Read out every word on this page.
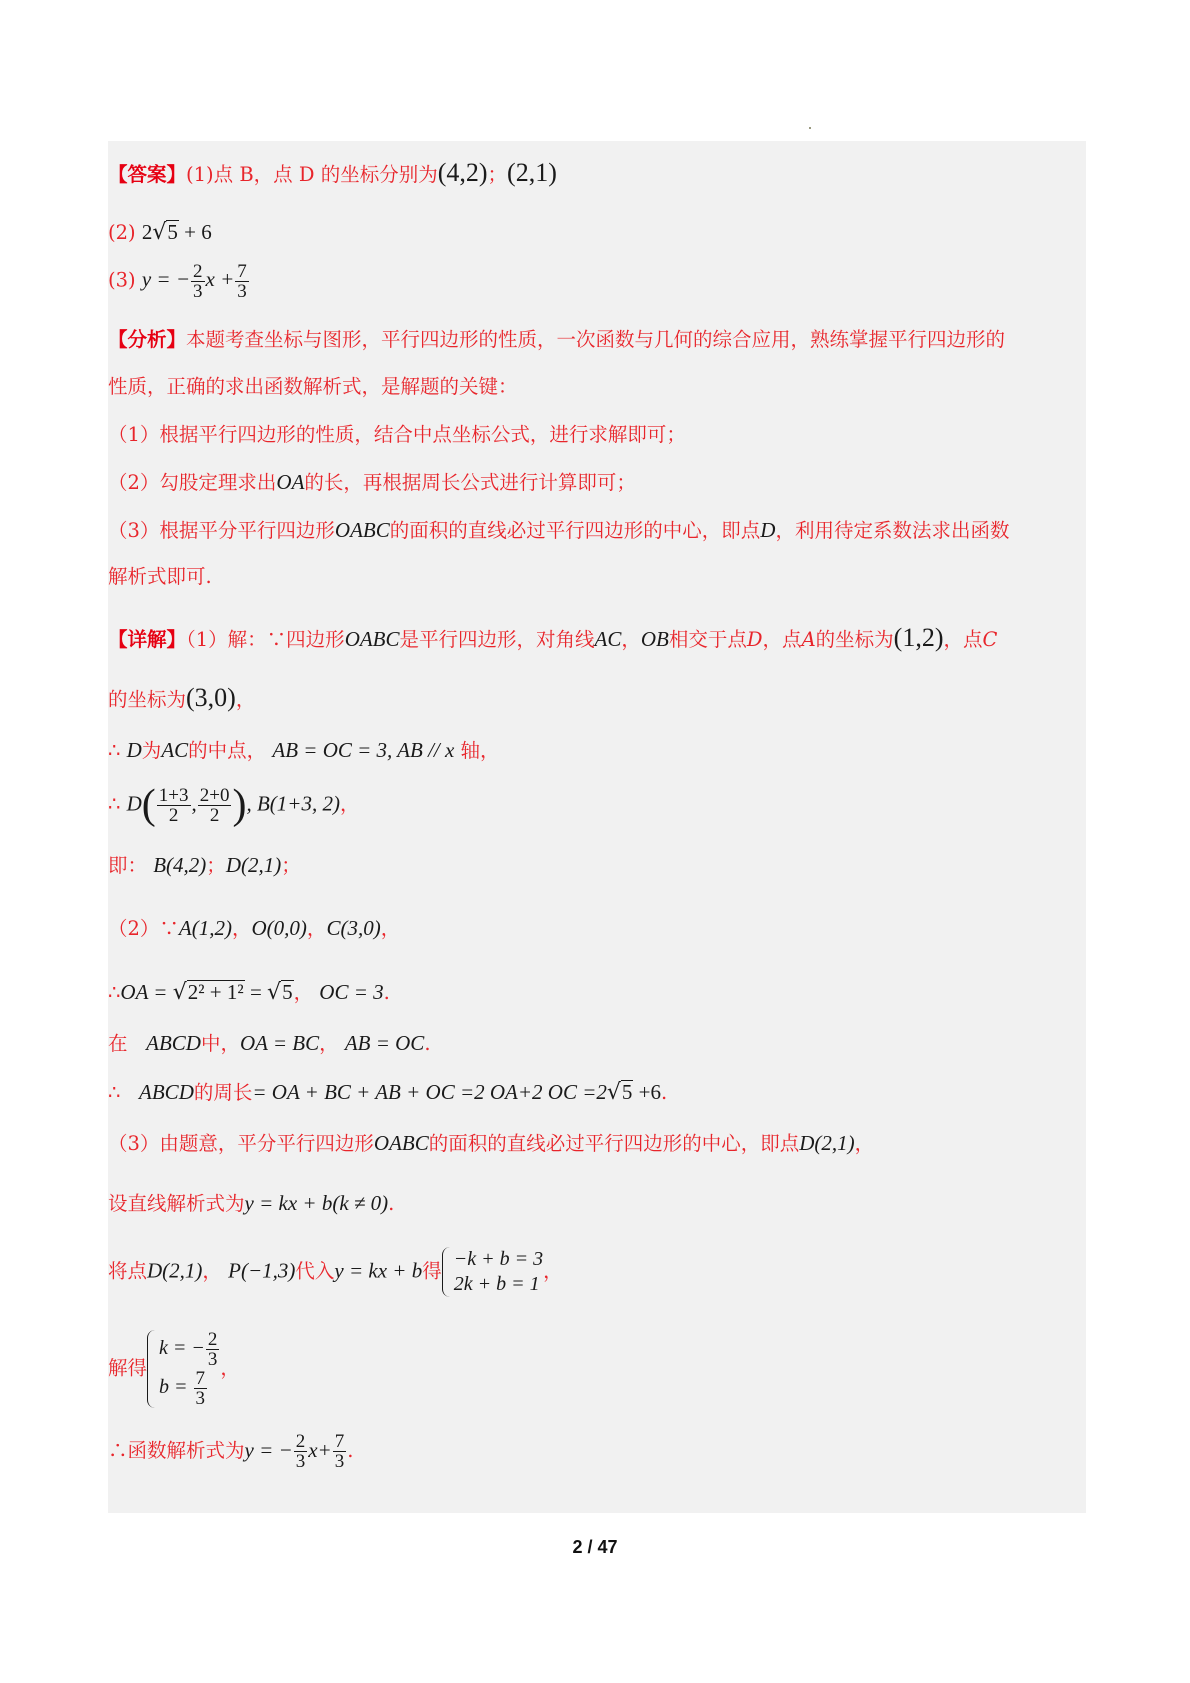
【答案】(1)点 B，点 D 的坐标分别为(4,2)；(2,1)
(2) 2√5 + 6
(3) y = − $\frac{2}{3}$ $x + \frac{7}{3}$
【分析】本题考查坐标与图形，平行四边形的性质，一次函数与几何的综合应用，熟练掌握平行四边形的
性质，正确的求出函数解析式，是解题的关键：
（1）根据平行四边形的性质，结合中点坐标公式，进行求解即可；
（2）勾股定理求出OA的长，再根据周长公式进行计算即可；
（3）根据平分平行四边形OABC的面积的直线必过平行四边形的中心，即点D，利用待定系数法求出函数
解析式即可.
【详解】（1）解：∵四边形OABC是平行四边形，对角线AC，OB相交于点D，点A的坐标为(1,2)，点C
的坐标为(3,0)，
∴ D为AC的中点， AB = OC = 3, AB // x 轴，
∴ $D( \frac{1+3}{2}$ , $\frac{2+0}{2}$ ), B(1+3, 2)，
即： B(4,2)；D(2,1)；
（2）∵A(1,2)，O(0,0)，C(3,0)，
∴OA = √2² + 1² = √5， OC = 3.
在 ABCD中，OA = BC， AB = OC.
∴ ABCD的周长= OA + BC + AB + OC =2 OA+2 OC =2√5 +6.
（3）由题意，平分平行四边形OABC的面积的直线必过平行四边形的中心，即点D(2,1)，
设直线解析式为y = kx + b(k ≠ 0).
将点D(2,1)， P(−1,3)代入y = kx + b得
−k + b = 3
2k + b = 1
，
解得
k = − $\frac{2}{3}$
$b = \frac{7}{3}$
，
∴函数解析式为y = − $\frac{2}{3} x+ \frac{7}{3}$ .
2 / 47
